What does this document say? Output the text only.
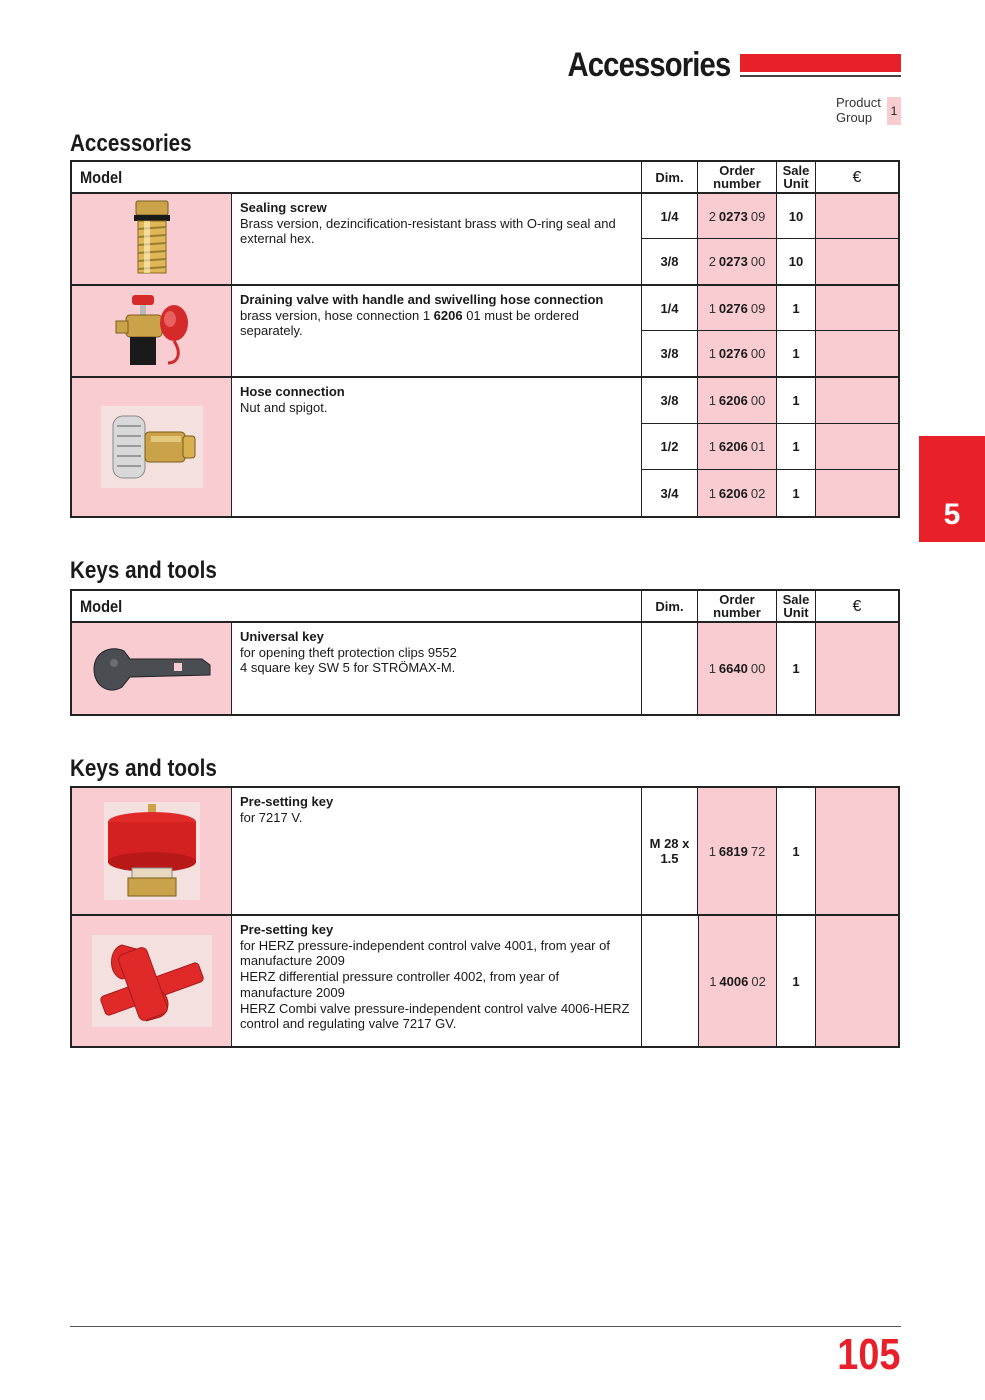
Accessories
Product
Group	1
5
Accessories
Model	Dim.	Order number
Sale Unit	€
Sealing screw
Brass version, dezincification-resistant brass with O-ring seal and external hex.
1/4	2 0273 09	10
3/8	2 0273 00	10
Draining valve with handle and swivelling hose connection
brass version, hose connection 1 6206 01 must be ordered separately.
1/4	1 0276 09	1
3/8	1 0276 00	1
Hose connection
Nut and spigot.	3/8	1 6206 00	1
1/2	1 6206 01	1
3/4	1 6206 02	1
Keys and tools
Model	Dim.	Order number
Sale Unit	€
Universal key
for opening theft protection clips 9552
4 square key SW 5 for STRÖMAX-M.	1 6640 00	1
Keys and tools
Pre-setting key
for 7217 V.
M 28 x 1.5	1 6819 72	1
Pre-setting key
for HERZ pressure-independent control valve 4001, from year of manufacture 2009
HERZ differential pressure controller 4002, from year of manufacture 2009
HERZ Combi valve pressure-independent control valve 4006-HERZ control and regulating valve 7217 GV.
1 4006 02	1
105
